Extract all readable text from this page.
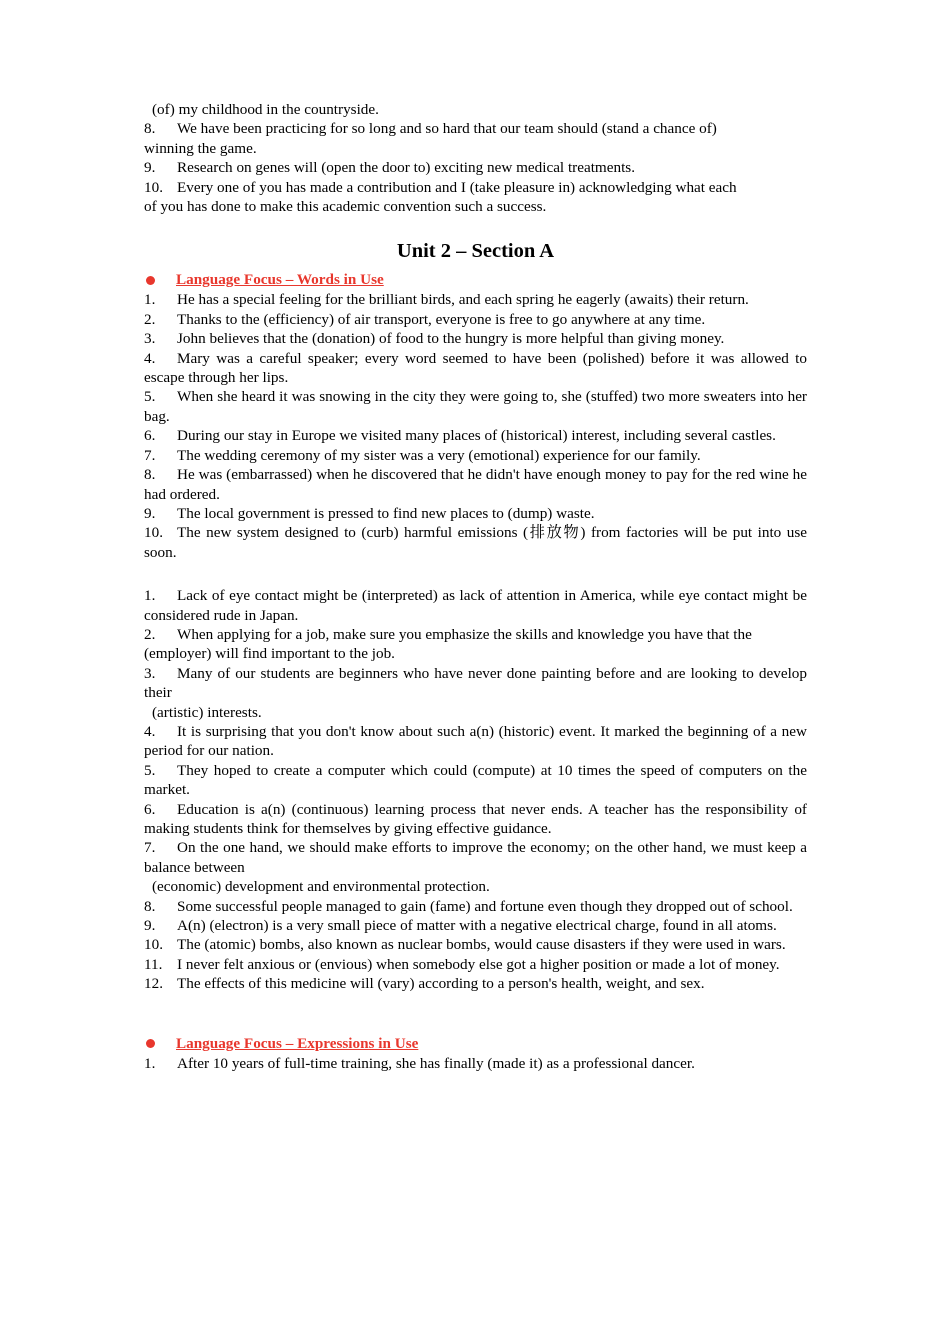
(of) my childhood in the countryside.
8. We have been practicing for so long and so hard that our team should (stand a chance of)
winning the game.
9. Research on genes will (open the door to) exciting new medical treatments.
10. Every one of you has made a contribution and I (take pleasure in) acknowledging what each
of you has done to make this academic convention such a success.
Unit 2 – Section A
Language Focus – Words in Use
1. He has a special feeling for the brilliant birds, and each spring he eagerly (awaits) their return.
2. Thanks to the (efficiency) of air transport, everyone is free to go anywhere at any time.
3. John believes that the (donation) of food to the hungry is more helpful than giving money.
4. Mary was a careful speaker; every word seemed to have been (polished) before it was allowed to escape through her lips.
5. When she heard it was snowing in the city they were going to, she (stuffed) two more sweaters into her bag.
6. During our stay in Europe we visited many places of (historical) interest, including several castles.
7. The wedding ceremony of my sister was a very (emotional) experience for our family.
8. He was (embarrassed) when he discovered that he didn't have enough money to pay for the red wine he had ordered.
9. The local government is pressed to find new places to (dump) waste.
10. The new system designed to (curb) harmful emissions (排放物) from factories will be put into use soon.
1. Lack of eye contact might be (interpreted) as lack of attention in America, while eye contact might be considered rude in Japan.
2. When applying for a job, make sure you emphasize the skills and knowledge you have that the
(employer) will find important to the job.
3. Many of our students are beginners who have never done painting before and are looking to develop their
(artistic) interests.
4. It is surprising that you don't know about such a(n) (historic) event. It marked the beginning of a new period for our nation.
5. They hoped to create a computer which could (compute) at 10 times the speed of computers on the market.
6. Education is a(n) (continuous) learning process that never ends. A teacher has the responsibility of making students think for themselves by giving effective guidance.
7. On the one hand, we should make efforts to improve the economy; on the other hand, we must keep a balance between
(economic) development and environmental protection.
8. Some successful people managed to gain (fame) and fortune even though they dropped out of school.
9. A(n) (electron) is a very small piece of matter with a negative electrical charge, found in all atoms.
10. The (atomic) bombs, also known as nuclear bombs, would cause disasters if they were used in wars.
11. I never felt anxious or (envious) when somebody else got a higher position or made a lot of money.
12. The effects of this medicine will (vary) according to a person's health, weight, and sex.
Language Focus – Expressions in Use
1. After 10 years of full-time training, she has finally (made it) as a professional dancer.
